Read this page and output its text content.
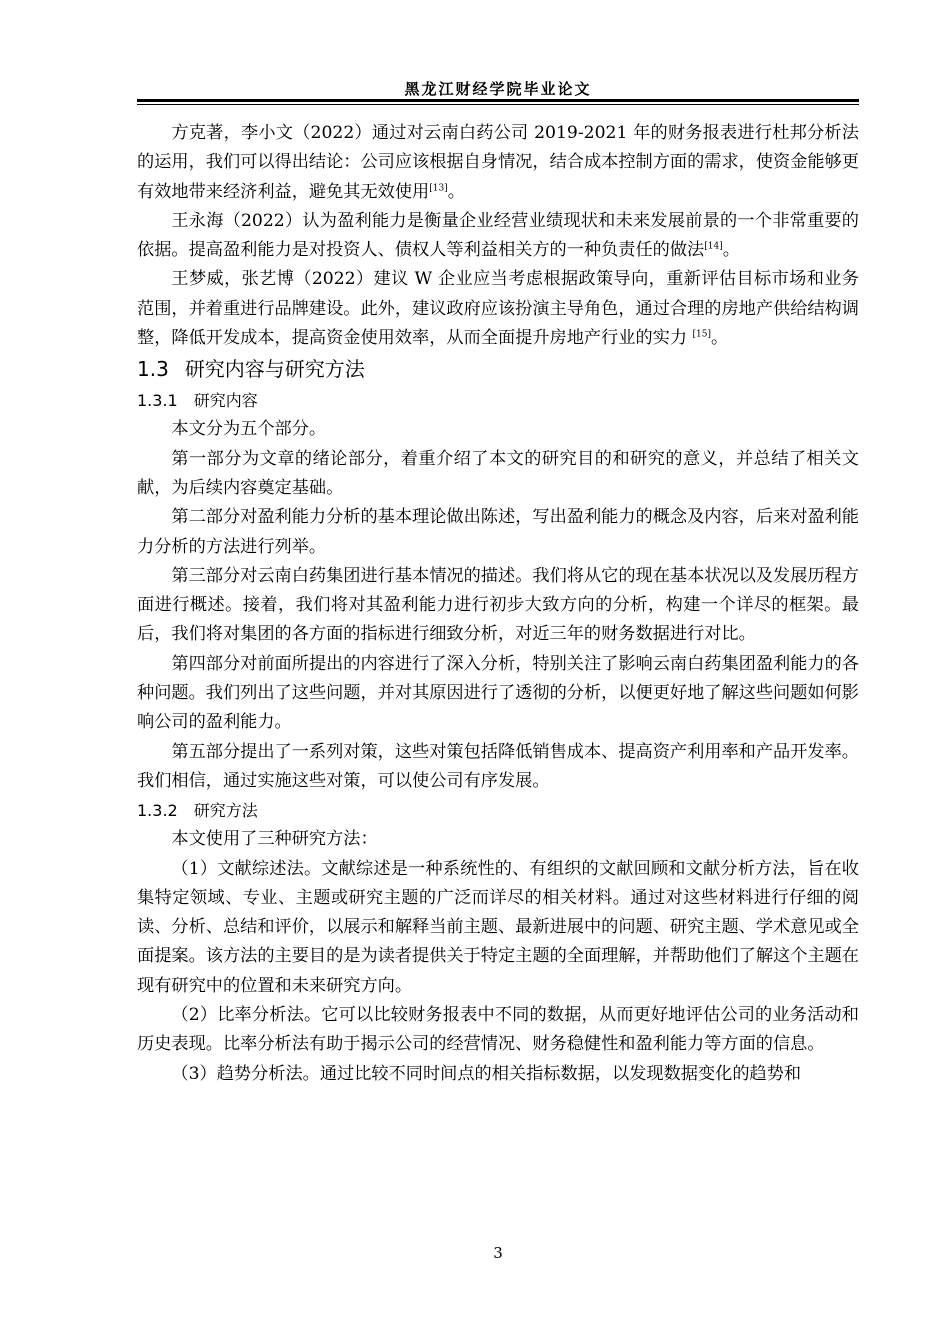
黑龙江财经学院毕业论文

方克著，李小文（2022）通过对云南白药公司 2019-2021 年的财务报表进行杜邦分析法的运用，我们可以得出结论：公司应该根据自身情况，结合成本控制方面的需求，使资金能够更有效地带来经济利益，避免其无效使用[13]。

王永海（2022）认为盈利能力是衡量企业经营业绩现状和未来发展前景的一个非常重要的依据。提高盈利能力是对投资人、债权人等利益相关方的一种负责任的做法[14]。

王梦威，张艺博（2022）建议 W 企业应当考虑根据政策导向，重新评估目标市场和业务范围，并着重进行品牌建设。此外，建议政府应该扮演主导角色，通过合理的房地产供给结构调整，降低开发成本，提高资金使用效率，从而全面提升房地产行业的实力 [15]。

1.3 研究内容与研究方法
1.3.1 研究内容

本文分为五个部分。

第一部分为文章的绪论部分，着重介绍了本文的研究目的和研究的意义，并总结了相关文献，为后续内容奠定基础。

第二部分对盈利能力分析的基本理论做出陈述，写出盈利能力的概念及内容，后来对盈利能力分析的方法进行列举。

第三部分对云南白药集团进行基本情况的描述。我们将从它的现在基本状况以及发展历程方面进行概述。接着，我们将对其盈利能力进行初步大致方向的分析，构建一个详尽的框架。最后，我们将对集团的各方面的指标进行细致分析，对近三年的财务数据进行对比。

第四部分对前面所提出的内容进行了深入分析，特别关注了影响云南白药集团盈利能力的各种问题。我们列出了这些问题，并对其原因进行了透彻的分析，以便更好地了解这些问题如何影响公司的盈利能力。

第五部分提出了一系列对策，这些对策包括降低销售成本、提高资产利用率和产品开发率。我们相信，通过实施这些对策，可以使公司有序发展。

1.3.2 研究方法

本文使用了三种研究方法：

（1）文献综述法。文献综述是一种系统性的、有组织的文献回顾和文献分析方法，旨在收集特定领域、专业、主题或研究主题的广泛而详尽的相关材料。通过对这些材料进行仔细的阅读、分析、总结和评价，以展示和解释当前主题、最新进展中的问题、研究主题、学术意见或全面提案。该方法的主要目的是为读者提供关于特定主题的全面理解，并帮助他们了解这个主题在现有研究中的位置和未来研究方向。

（2）比率分析法。它可以比较财务报表中不同的数据，从而更好地评估公司的业务活动和历史表现。比率分析法有助于揭示公司的经营情况、财务稳健性和盈利能力等方面的信息。

（3）趋势分析法。通过比较不同时间点的相关指标数据，以发现数据变化的趋势和

3
